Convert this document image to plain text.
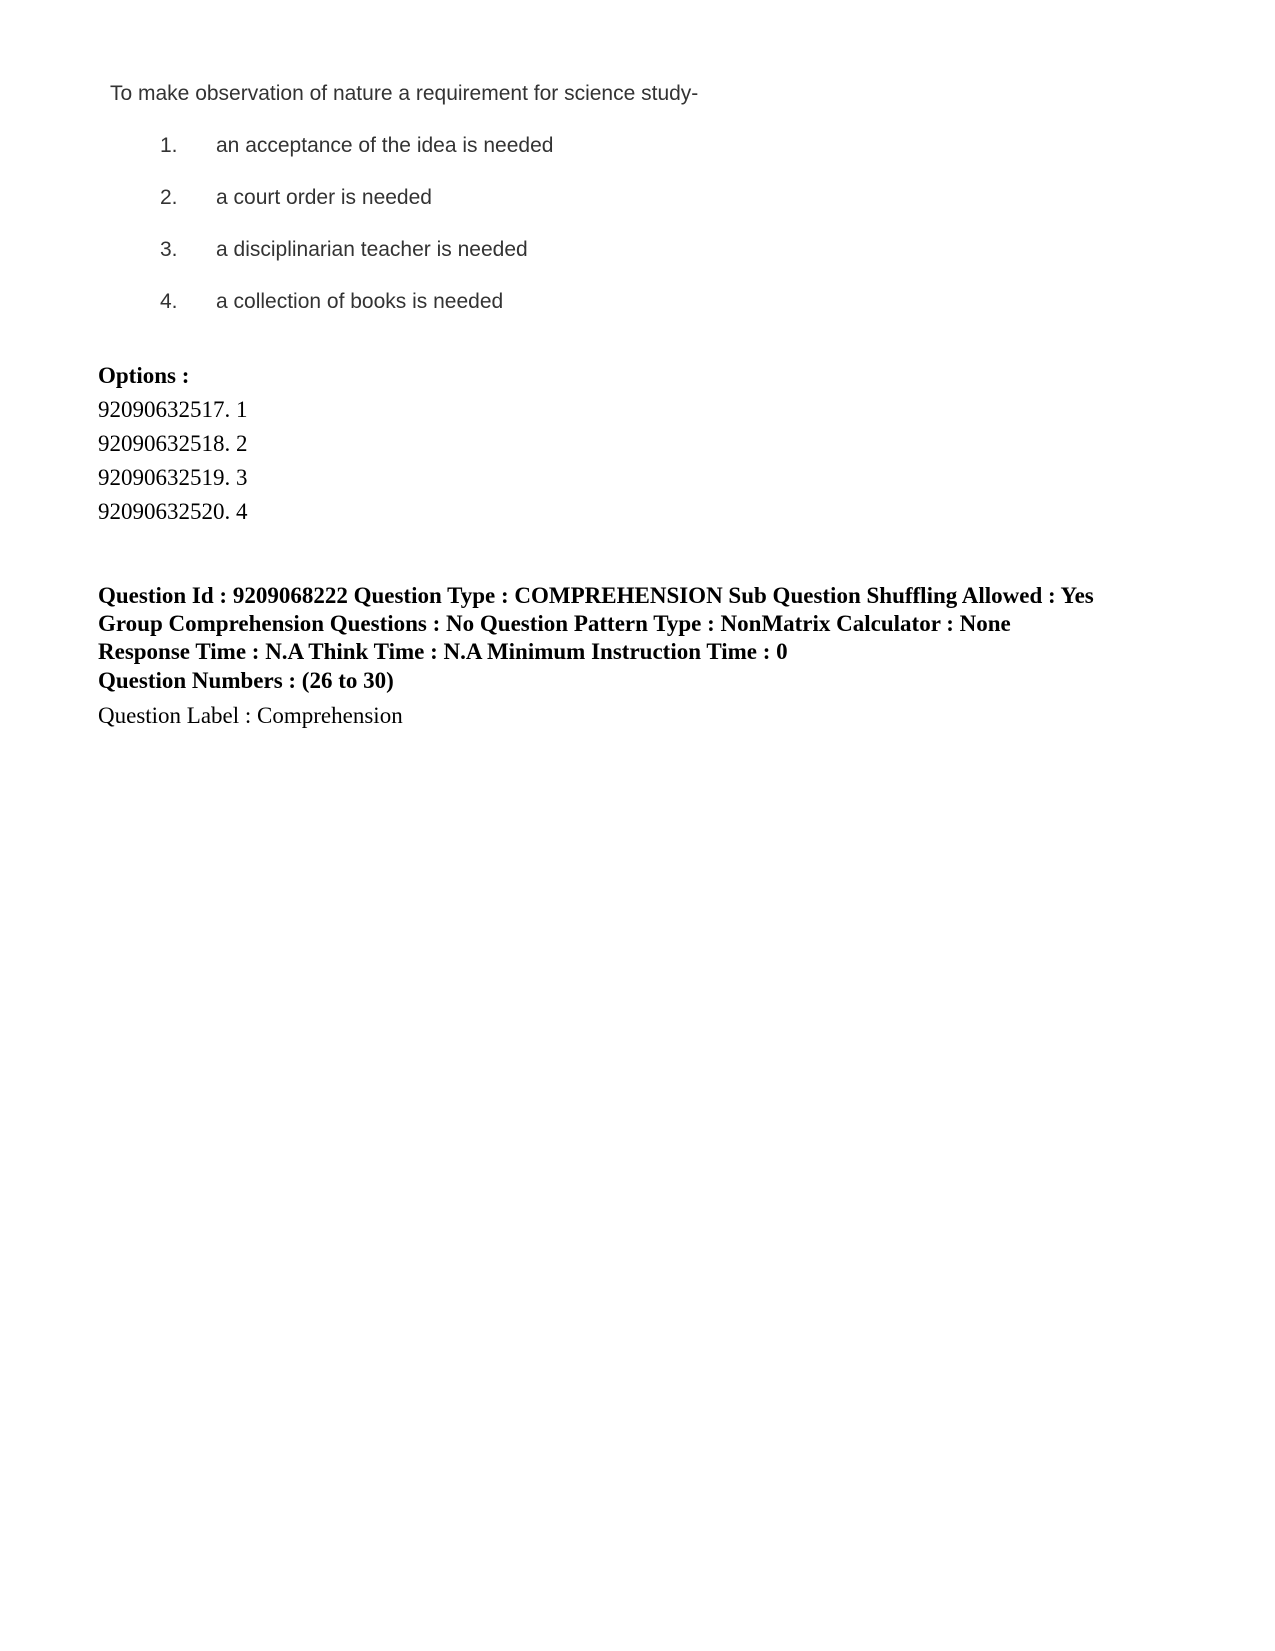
To make observation of nature a requirement for science study-
1. an acceptance of the idea is needed
2. a court order is needed
3. a disciplinarian teacher is needed
4. a collection of books is needed
Options :
92090632517. 1
92090632518. 2
92090632519. 3
92090632520. 4
Question Id : 9209068222 Question Type : COMPREHENSION Sub Question Shuffling Allowed : Yes
Group Comprehension Questions : No Question Pattern Type : NonMatrix Calculator : None
Response Time : N.A Think Time : N.A Minimum Instruction Time : 0
Question Numbers : (26 to 30)
Question Label : Comprehension
